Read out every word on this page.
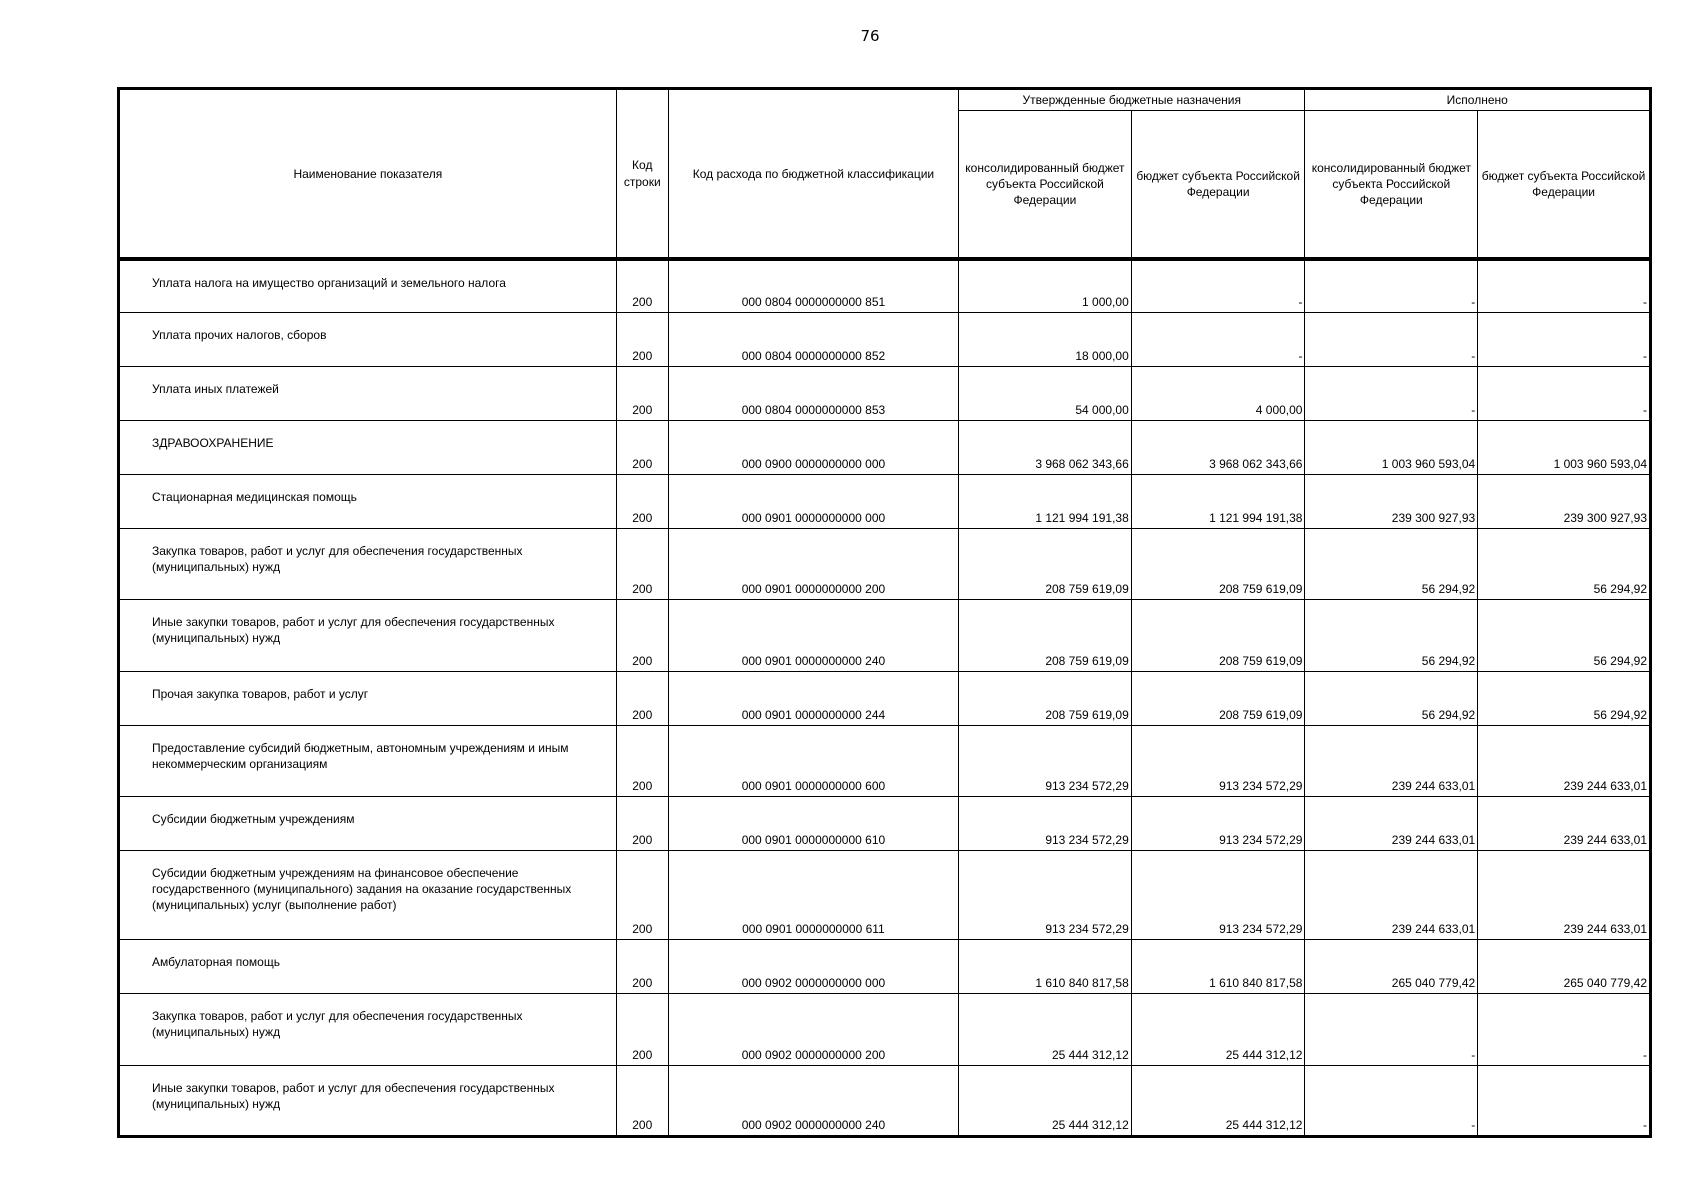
76
Наименование показателя	Код строки	Код расхода по бюджетной классификации	Утвержденные бюджетные назначения		Исполнено	
			консолидированный бюджет субъекта Российской Федерации	бюджет субъекта Российской Федерации	консолидированный бюджет субъекта Российской Федерации	бюджет субъекта Российской Федерации

Уплата налога на имущество организаций и земельного налога	200	000 0804 0000000000 851	1 000,00	-	-	-

Уплата прочих налогов, сборов	200	000 0804 0000000000 852	18 000,00	-	-	-

Уплата иных платежей	200	000 0804 0000000000 853	54 000,00	4 000,00	-	-

ЗДРАВООХРАНЕНИЕ	200	000 0900 0000000000 000	3 968 062 343,66	3 968 062 343,66	1 003 960 593,04	1 003 960 593,04

Стационарная медицинская помощь	200	000 0901 0000000000 000	1 121 994 191,38	1 121 994 191,38	239 300 927,93	239 300 927,93

Закупка товаров, работ и услуг для обеспечения государственных (муниципальных) нужд	200	000 0901 0000000000 200	208 759 619,09	208 759 619,09	56 294,92	56 294,92

Иные закупки товаров, работ и услуг для обеспечения государственных (муниципальных) нужд	200	000 0901 0000000000 240	208 759 619,09	208 759 619,09	56 294,92	56 294,92

Прочая закупка товаров, работ и услуг	200	000 0901 0000000000 244	208 759 619,09	208 759 619,09	56 294,92	56 294,92

Предоставление субсидий бюджетным, автономным учреждениям и иным некоммерческим организациям	200	000 0901 0000000000 600	913 234 572,29	913 234 572,29	239 244 633,01	239 244 633,01

Субсидии бюджетным учреждениям	200	000 0901 0000000000 610	913 234 572,29	913 234 572,29	239 244 633,01	239 244 633,01

Субсидии бюджетным учреждениям на финансовое обеспечение государственного (муниципального) задания на оказание государственных (муниципальных) услуг (выполнение работ)	200	000 0901 0000000000 611	913 234 572,29	913 234 572,29	239 244 633,01	239 244 633,01

Амбулаторная помощь	200	000 0902 0000000000 000	1 610 840 817,58	1 610 840 817,58	265 040 779,42	265 040 779,42

Закупка товаров, работ и услуг для обеспечения государственных (муниципальных) нужд	200	000 0902 0000000000 200	25 444 312,12	25 444 312,12	-	-

Иные закупки товаров, работ и услуг для обеспечения государственных (муниципальных) нужд	200	000 0902 0000000000 240	25 444 312,12	25 444 312,12	-	-
